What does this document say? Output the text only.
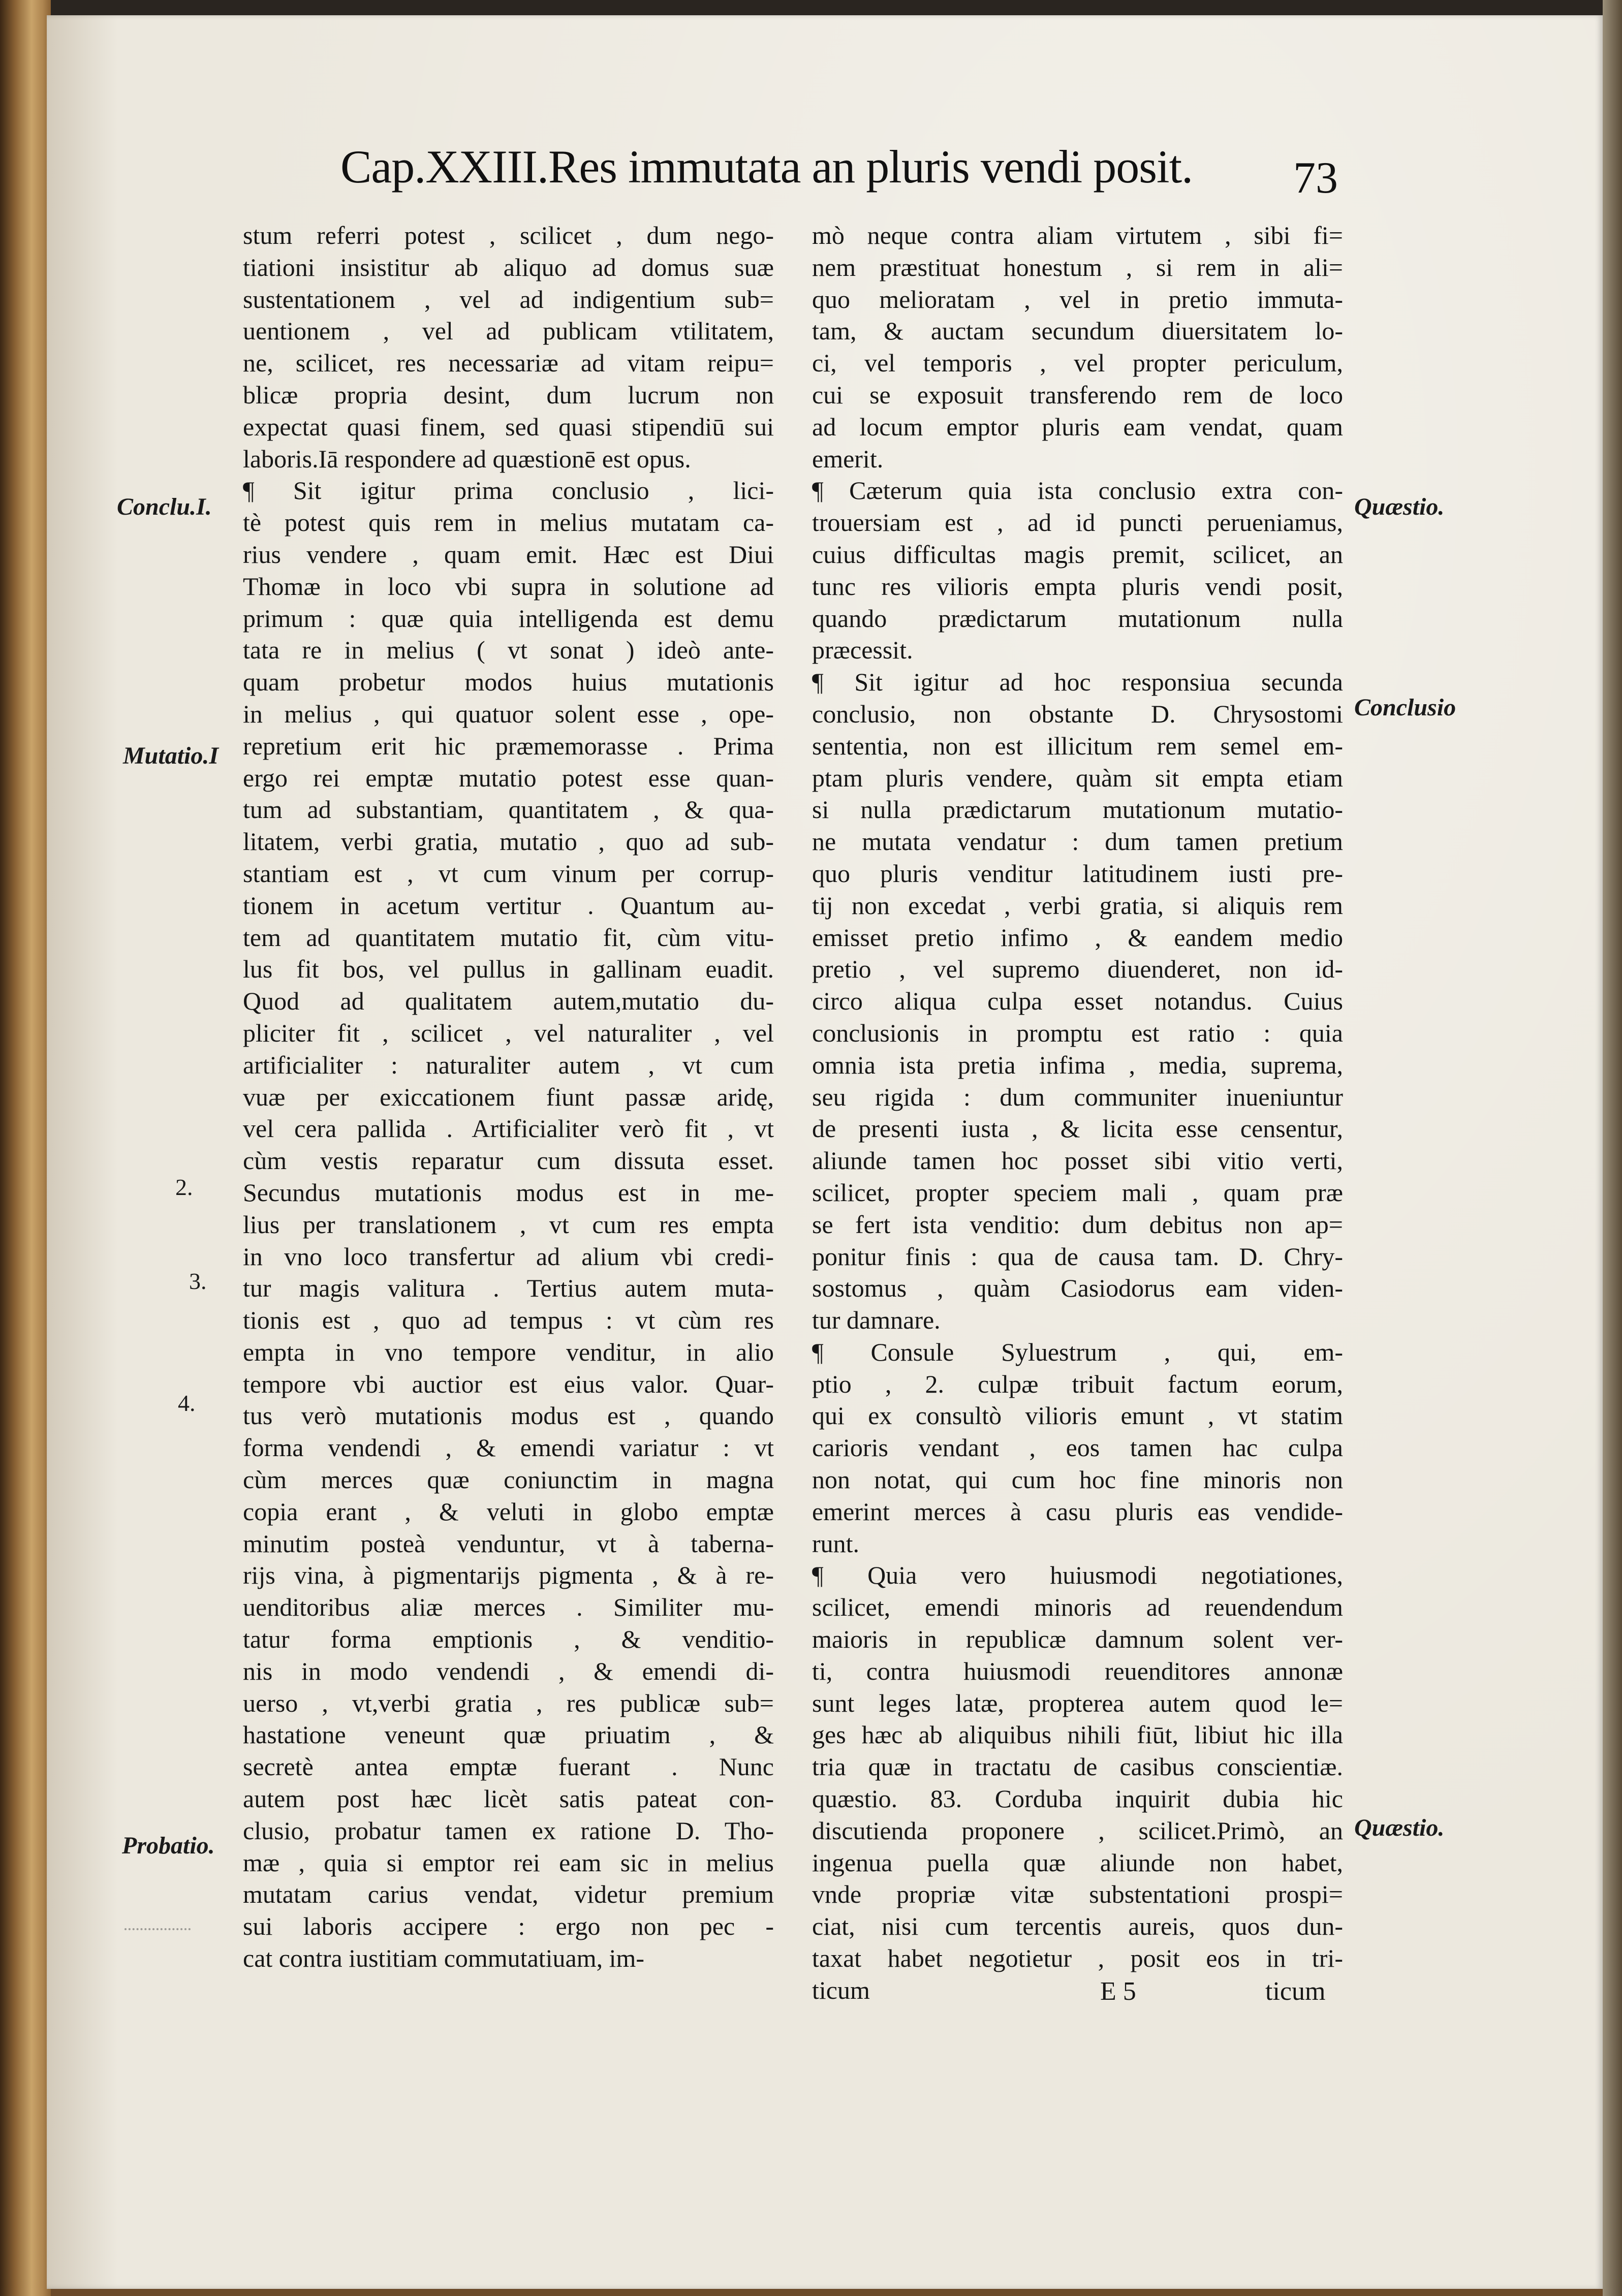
Cap.XXIII.Res immutata an pluris vendi posit.	73
stum referri potest , scilicet , dum nego-
tiationi insistitur ab aliquo ad domus suæ
sustentationem , vel ad indigentium sub=
uentionem , vel ad publicam vtilitatem,
ne, scilicet, res necessariæ ad vitam reipu=
blicæ propria desint, dum lucrum non
expectat quasi finem, sed quasi stipendiū sui
laboris.Iā respondere ad quæstionē est opus.
¶ Sit igitur prima conclusio , lici-
tè potest quis rem in melius mutatam ca-
rius vendere , quam emit. Hæc est Diui
Thomæ in loco vbi supra in solutione ad
primum : quæ quia intelligenda est demu
tata re in melius ( vt sonat ) ideò ante-
quam probetur modos huius mutationis
in melius , qui quatuor solent esse , ope-
repretium erit hic præmemorasse . Prima
ergo rei emptæ mutatio potest esse quan-
tum ad substantiam, quantitatem , & qua-
litatem, verbi gratia, mutatio , quo ad sub-
stantiam est , vt cum vinum per corrup-
tionem in acetum vertitur . Quantum au-
tem ad quantitatem mutatio fit, cùm vitu-
lus fit bos, vel pullus in gallinam euadit.
Quod ad qualitatem autem,mutatio du-
pliciter fit , scilicet , vel naturaliter , vel
artificialiter : naturaliter autem , vt cum
vuæ per exiccationem fiunt passæ aridę,
vel cera pallida . Artificialiter verò fit , vt
cùm vestis reparatur cum dissuta esset.
Secundus mutationis modus est in me-
lius per translationem , vt cum res empta
in vno loco transfertur ad alium vbi credi-
tur magis valitura . Tertius autem muta-
tionis est , quo ad tempus : vt cùm res
empta in vno tempore venditur, in alio
tempore vbi auctior est eius valor. Quar-
tus verò mutationis modus est , quando
forma vendendi , & emendi variatur : vt
cùm merces quæ coniunctim in magna
copia erant , & veluti in globo emptæ
minutim posteà venduntur, vt à taberna-
rijs vina, à pigmentarijs pigmenta , & à re-
uenditoribus aliæ merces . Similiter mu-
tatur forma emptionis , & venditio-
nis in modo vendendi , & emendi di-
uerso , vt,verbi gratia , res publicæ sub=
hastatione veneunt quæ priuatim , &
secretè antea emptæ fuerant . Nunc
autem post hæc licèt satis pateat con-
clusio, probatur tamen ex ratione D. Tho-
mæ , quia si emptor rei eam sic in melius
mutatam carius vendat, videtur premium
sui laboris accipere : ergo non pec -
cat contra iustitiam commutatiuam, im-
mò neque contra aliam virtutem , sibi fi=
nem præstituat honestum , si rem in ali=
quo melioratam , vel in pretio immuta-
tam, & auctam secundum diuersitatem lo-
ci, vel temporis , vel propter periculum,
cui se exposuit transferendo rem de loco
ad locum emptor pluris eam vendat, quam
emerit.
¶ Cæterum quia ista conclusio extra con-
trouersiam est , ad id puncti perueniamus,
cuius difficultas magis premit, scilicet, an
tunc res vilioris empta pluris vendi posit,
quando prædictarum mutationum nulla
præcessit.
¶ Sit igitur ad hoc responsiua secunda
conclusio, non obstante D. Chrysostomi
sententia, non est illicitum rem semel em-
ptam pluris vendere, quàm sit empta etiam
si nulla prædictarum mutationum mutatio-
ne mutata vendatur : dum tamen pretium
quo pluris venditur latitudinem iusti pre-
tij non excedat , verbi gratia, si aliquis rem
emisset pretio infimo , & eandem medio
pretio , vel supremo diuenderet, non id-
circo aliqua culpa esset notandus. Cuius
conclusionis in promptu est ratio : quia
omnia ista pretia infima , media, suprema,
seu rigida : dum communiter inueniuntur
de presenti iusta , & licita esse censentur,
aliunde tamen hoc posset sibi vitio verti,
scilicet, propter speciem mali , quam præ
se fert ista venditio: dum debitus non ap=
ponitur finis : qua de causa tam. D. Chry-
sostomus , quàm Casiodorus eam viden-
tur damnare.
¶ Consule Syluestrum , qui, em-
ptio , 2. culpæ tribuit factum eorum,
qui ex consultò vilioris emunt , vt statim
carioris vendant , eos tamen hac culpa
non notat, qui cum hoc fine minoris non
emerint merces à casu pluris eas vendide-
runt.
¶ Quia vero huiusmodi negotiationes,
scilicet, emendi minoris ad reuendendum
maioris in republicæ damnum solent ver-
ti, contra huiusmodi reuenditores annonæ
sunt leges latæ, propterea autem quod le=
ges hæc ab aliquibus nihili fiūt, libiut hic illa
tria quæ in tractatu de casibus conscientiæ.
quæstio. 83. Corduba inquirit dubia hic
discutienda proponere , scilicet.Primò, an
ingenua puella quæ aliunde non habet,
vnde propriæ vitæ substentationi prospi=
ciat, nisi cum tercentis aureis, quos dun-
taxat habet negotietur , posit eos in tri-
ticum
Conclu.I.
Mutatio.I
2.
3.
4.
Probatio.
Quæstio.
Conclusio
Quæstio.
E 5	ticum
